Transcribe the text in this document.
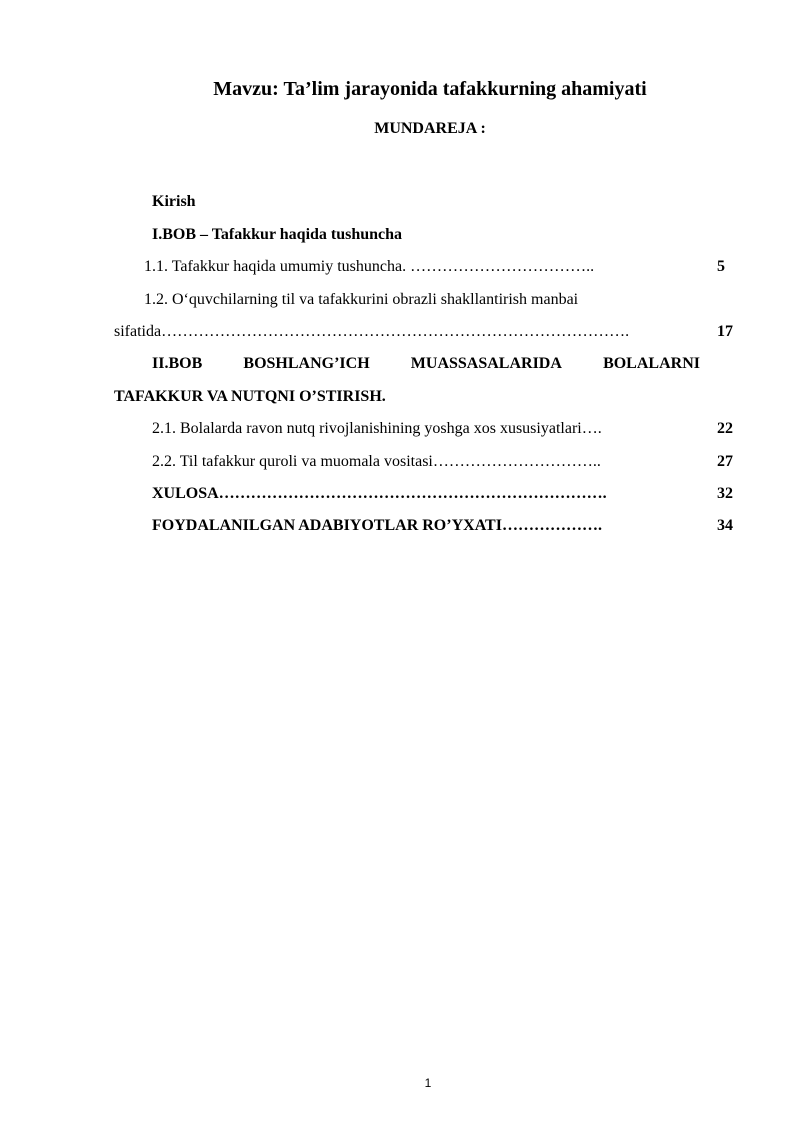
Mavzu: Ta’lim jarayonida tafakkurning ahamiyati
MUNDAREJA :
Kirish
I.BOB – Tafakkur haqida tushuncha
1.1. Tafakkur haqida umumiy tushuncha. ……………………………..	5
1.2. O‘quvchilarning til va tafakkurini obrazli shakllantirish manbai
sifatida…………………………………………………………………………….	17
II.BOB	BOSHLANG’ICH	MUASSASALARIDA	BOLALARNI
TAFAKKUR VA NUTQNI O’STIRISH.
2.1. Bolalarda ravon nutq rivojlanishining yoshga xos xususiyatlari….	22
2.2. Til tafakkur quroli va muomala vositasi…………………………..	27
XULOSA……………………………………………………………….	32
FOYDALANILGAN ADABIYOTLAR RO’YXATI……………….	34
1
